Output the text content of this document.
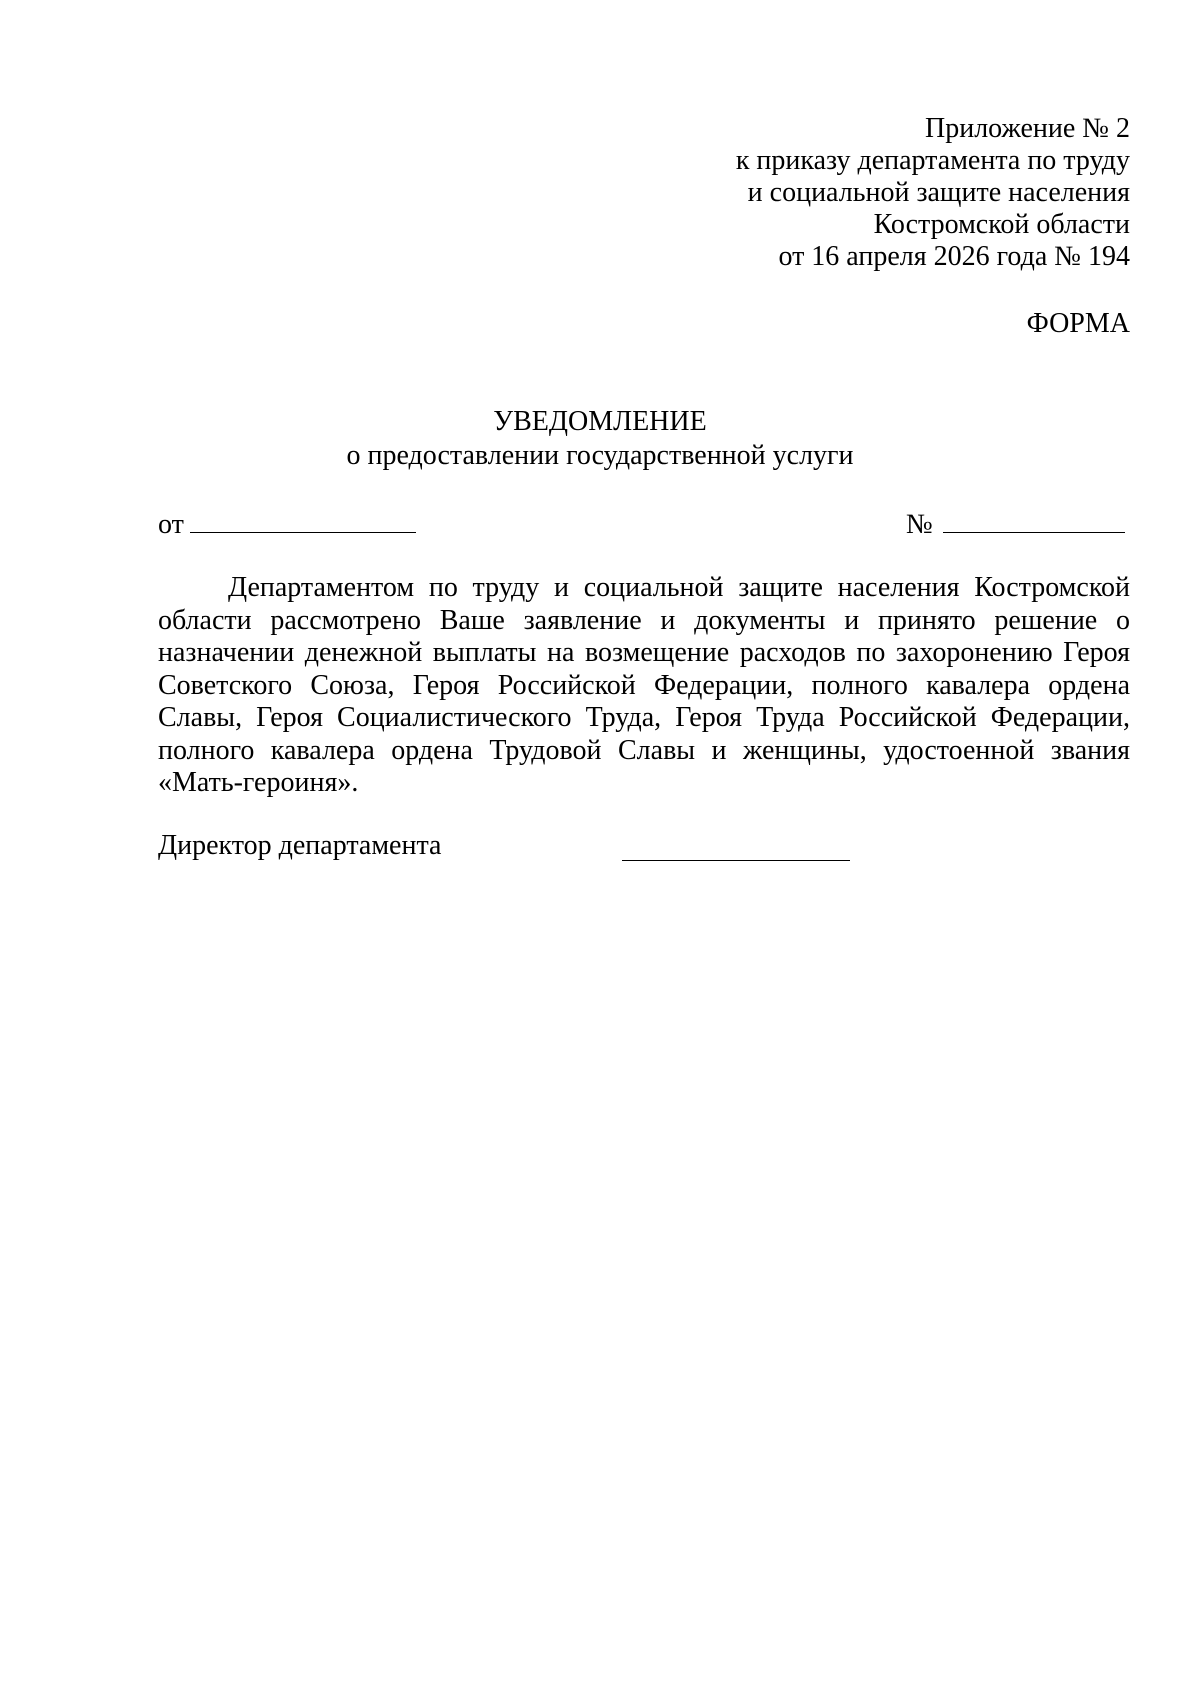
Приложение № 2
к приказу департамента по труду
и социальной защите населения
Костромской области
от 16 апреля 2026 года № 194
ФОРМА
УВЕДОМЛЕНИЕ
о предоставлении государственной услуги
от	№

Департаментом по труду и социальной защите населения Костромской области рассмотрено Ваше заявление и документы и принято решение о назначении денежной выплаты на возмещение расходов по захоронению Героя Советского Союза, Героя Российской Федерации, полного кавалера ордена Славы, Героя Социалистического Труда, Героя Труда Российской Федерации, полного кавалера ордена Трудовой Славы и женщины, удостоенной звания «Мать-героиня».

Директор департамента
